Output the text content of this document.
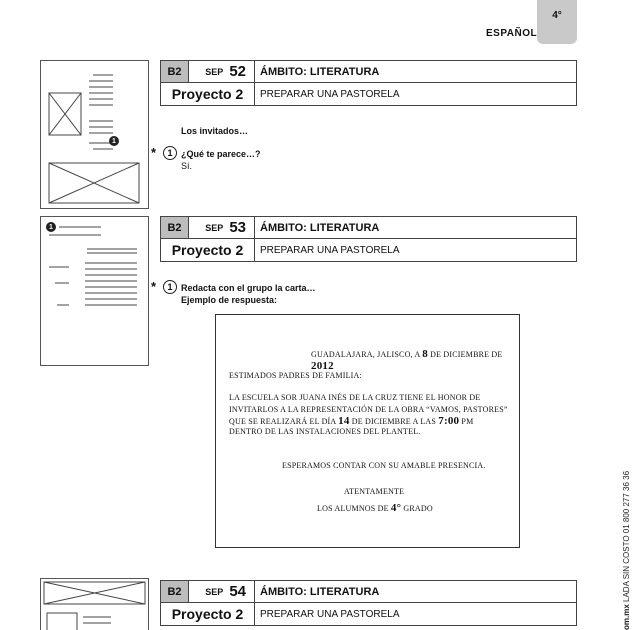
ESPAÑOL
4°
1
B2	SEP 52	ÁMBITO: LITERATURA
Proyecto 2	PREPARAR UNA PASTORELA
Los invitados…
*	1 ¿Qué te parece…?
Sí.
1	B2	SEP 53	ÁMBITO: LITERATURA
Proyecto 2	PREPARAR UNA PASTORELA
*	1 Redacta con el grupo la carta…
Ejemplo de respuesta:
GUADALAJARA, JALISCO, A 8 DE DICIEMBRE DE 2012
ESTIMADOS PADRES DE FAMILIA:
LA ESCUELA SOR JUANA INÉS DE LA CRUZ TIENE EL HONOR DE
INVITARLOS A LA REPRESENTACIÓN DE LA OBRA “VAMOS, PASTORES”
QUE SE REALIZARÁ EL DÍA 14 DE DICIEMBRE A LAS 7:00 PM
DENTRO DE LAS INSTALACIONES DEL PLANTEL.
ESPERAMOS CONTAR CON SU AMABLE PRESENCIA.
ATENTAMENTE
LOS ALUMNOS DE 4° GRADO
B2	SEP 54	ÁMBITO: LITERATURA
Proyecto 2	PREPARAR UNA PASTORELA	om.mx LADA SIN COSTO 01 800 277 36 36
